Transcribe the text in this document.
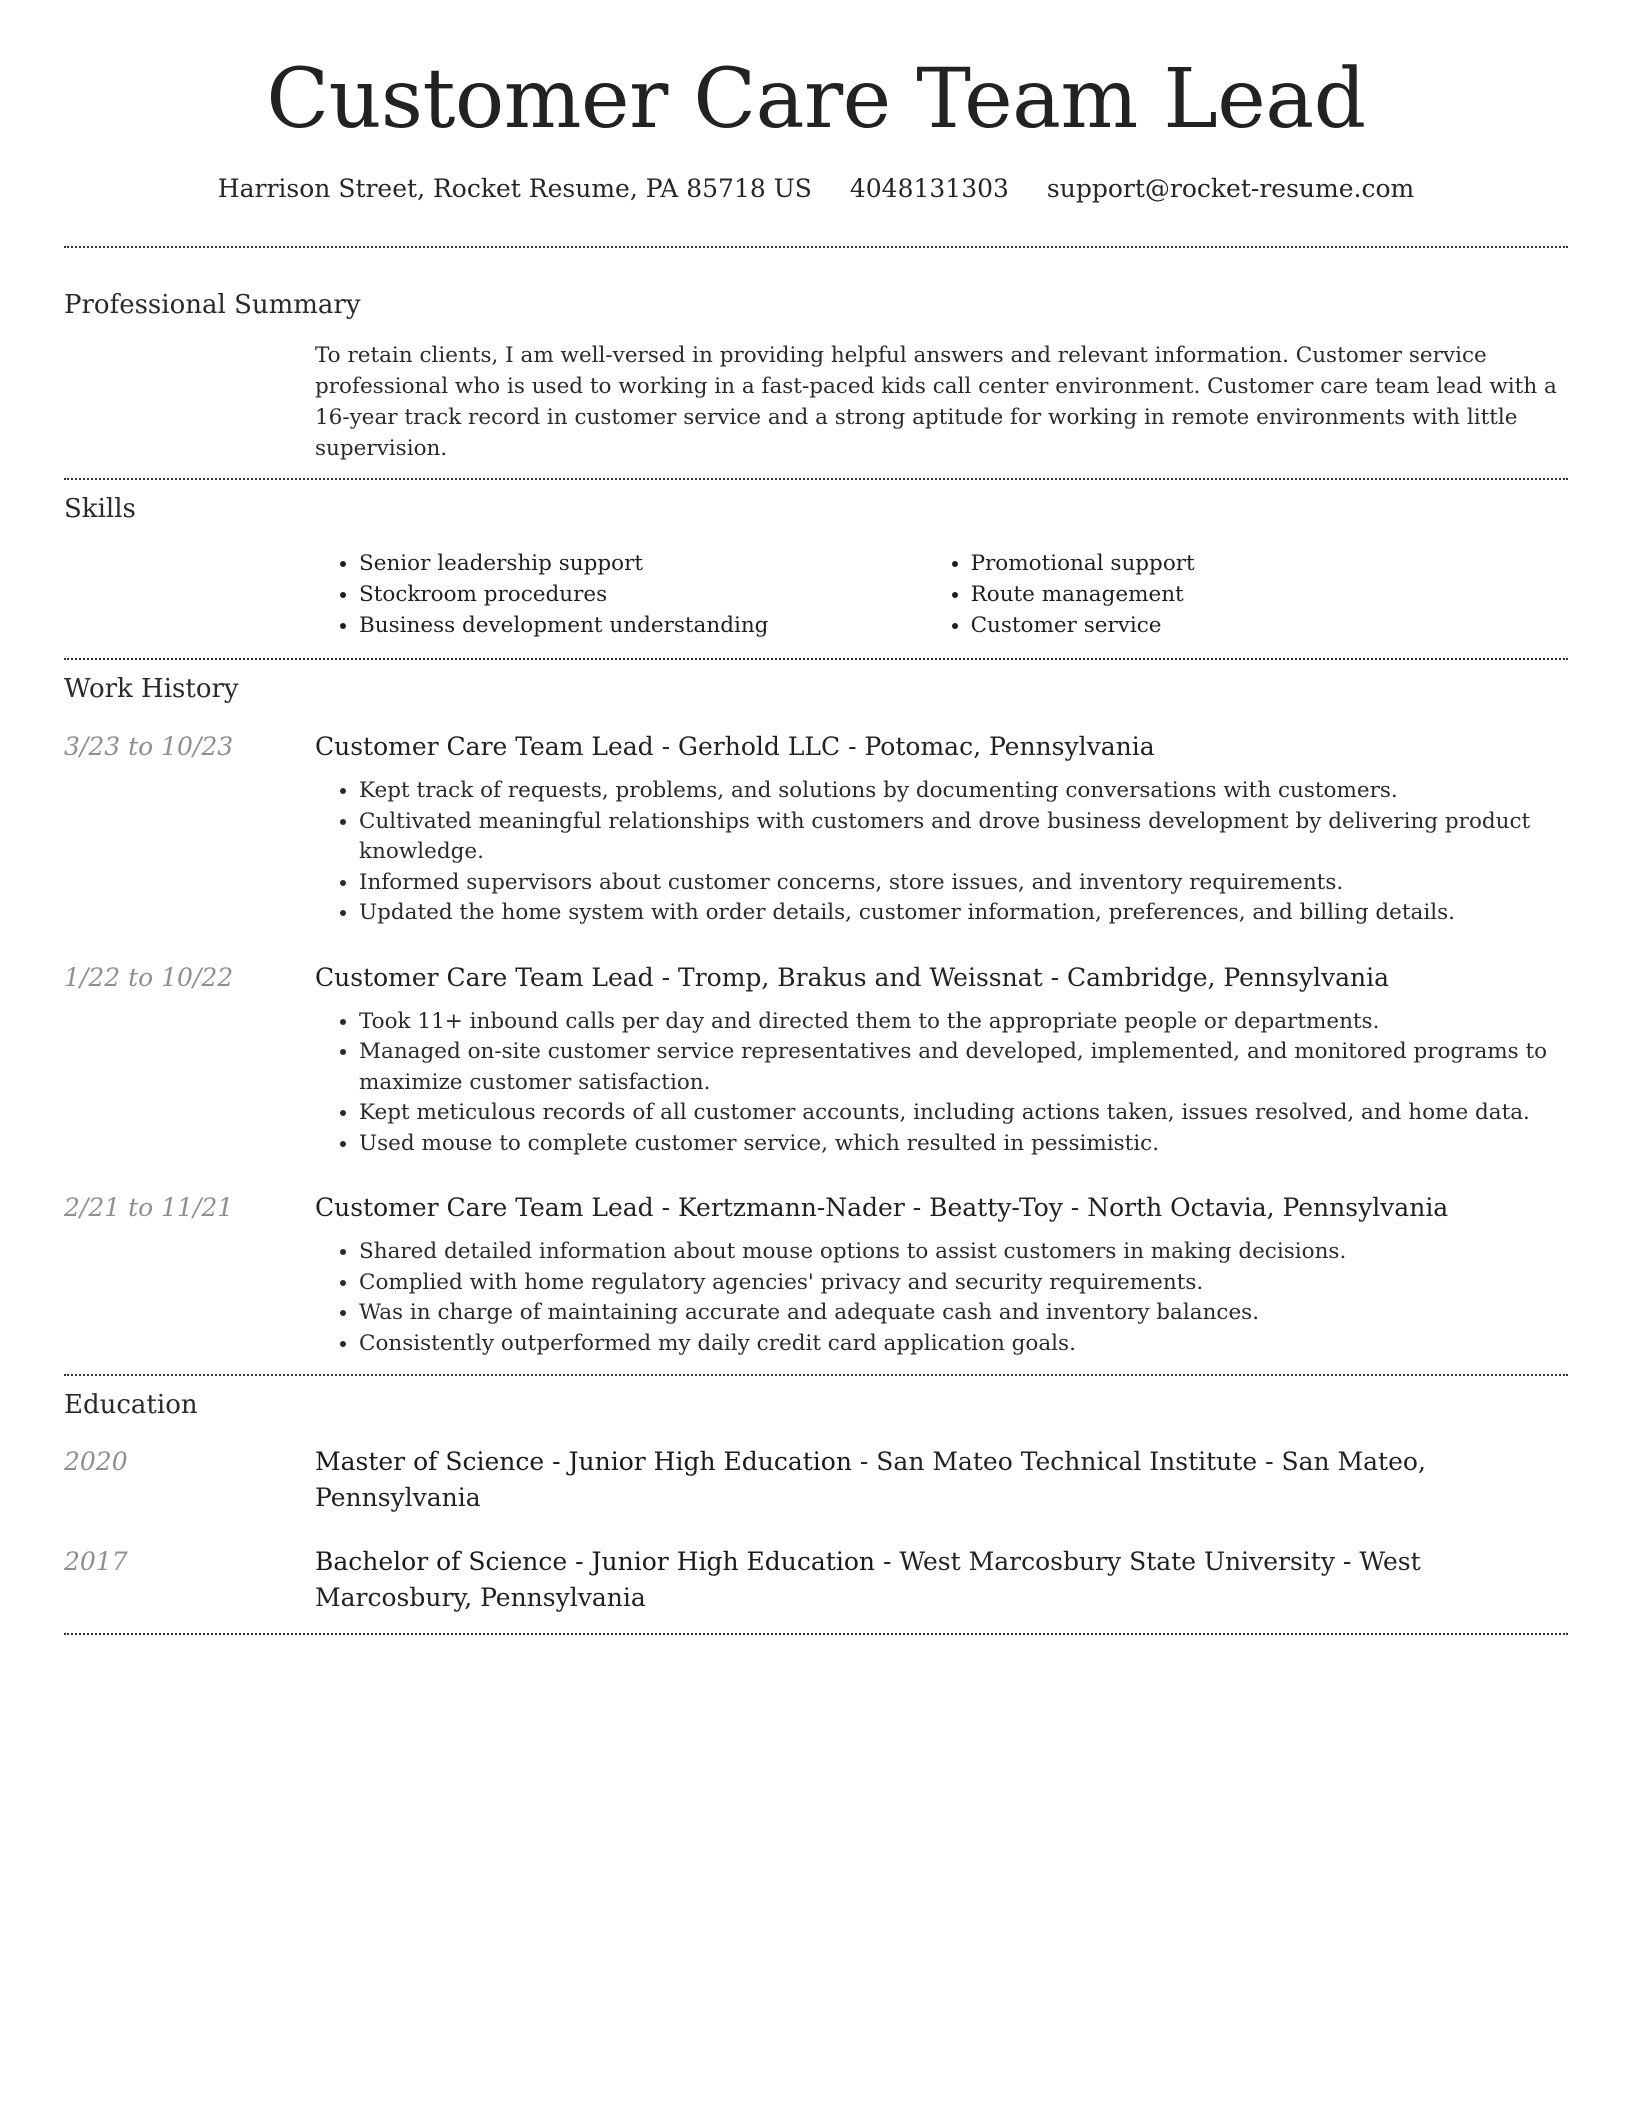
Customer Care Team Lead
Harrison Street, Rocket Resume, PA 85718 US 4048131303 support@rocket-resume.com
Professional Summary

To retain clients, I am well-versed in providing helpful answers and relevant information. Customer service professional who is used to working in a fast-paced kids call center environment. Customer care team lead with a 16-year track record in customer service and a strong aptitude for working in remote environments with little supervision.

Skills
• Senior leadership support
• Stockroom procedures
• Business development understanding
• Promotional support
• Route management
• Customer service
Work History
3/23 to 10/23	Customer Care Team Lead - Gerhold LLC - Potomac, Pennsylvania
• Kept track of requests, problems, and solutions by documenting conversations with customers.
• Cultivated meaningful relationships with customers and drove business development by delivering product knowledge.
• Informed supervisors about customer concerns, store issues, and inventory requirements.
• Updated the home system with order details, customer information, preferences, and billing details.
1/22 to 10/22	Customer Care Team Lead - Tromp, Brakus and Weissnat - Cambridge, Pennsylvania
• Took 11+ inbound calls per day and directed them to the appropriate people or departments.
• Managed on-site customer service representatives and developed, implemented, and monitored programs to maximize customer satisfaction.
• Kept meticulous records of all customer accounts, including actions taken, issues resolved, and home data.
• Used mouse to complete customer service, which resulted in pessimistic.
2/21 to 11/21	Customer Care Team Lead - Kertzmann-Nader - Beatty-Toy - North Octavia, Pennsylvania
• Shared detailed information about mouse options to assist customers in making decisions.
• Complied with home regulatory agencies' privacy and security requirements.
• Was in charge of maintaining accurate and adequate cash and inventory balances.
• Consistently outperformed my daily credit card application goals.
Education
2020	Master of Science - Junior High Education - San Mateo Technical Institute - San Mateo, Pennsylvania
2017	Bachelor of Science - Junior High Education - West Marcosbury State University - West Marcosbury, Pennsylvania
